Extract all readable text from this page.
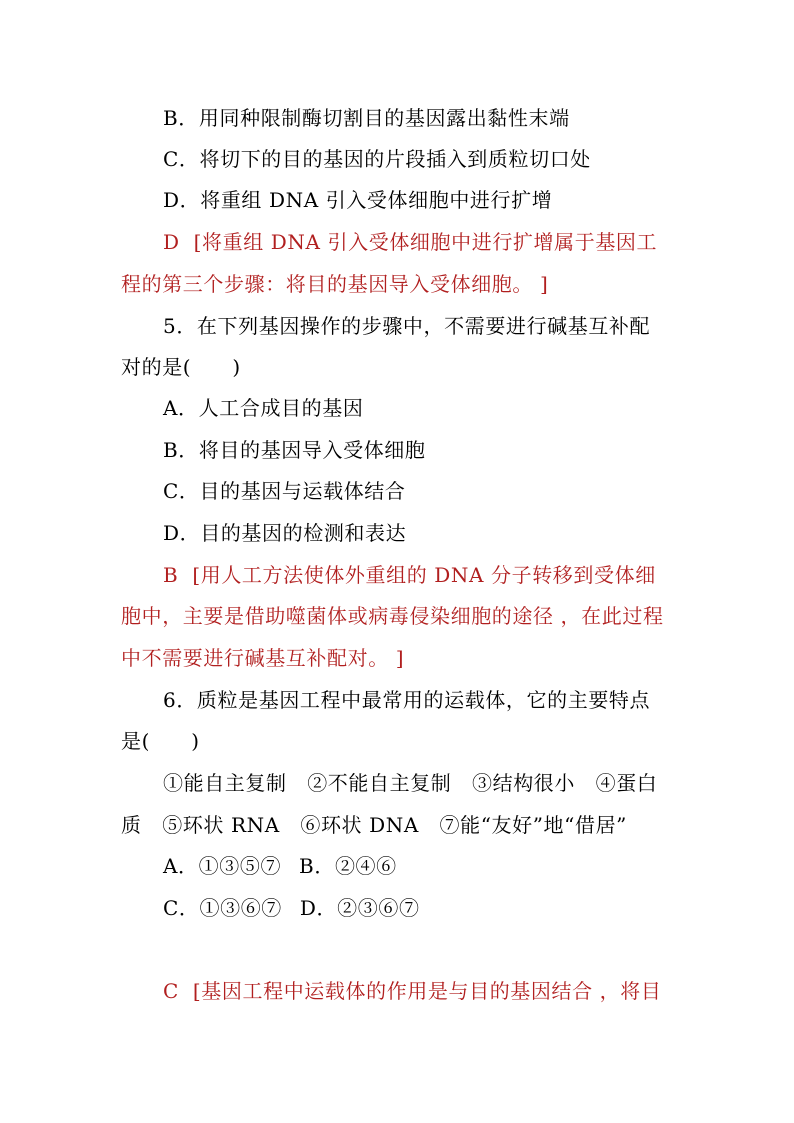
B．用同种限制酶切割目的基因露出黏性末端
C．将切下的目的基因的片段插入到质粒切口处
D．将重组 DNA 引入受体细胞中进行扩增
D [将重组 DNA 引入受体细胞中进行扩增属于基因工
程的第三个步骤：将目的基因导入受体细胞。 ]
5．在下列基因操作的步骤中，不需要进行碱基互补配
对的是(　　)
A．人工合成目的基因
B．将目的基因导入受体细胞
C．目的基因与运载体结合
D．目的基因的检测和表达
B [用人工方法使体外重组的 DNA 分子转移到受体细
胞中，主要是借助噬菌体或病毒侵染细胞的途径 ，在此过程
中不需要进行碱基互补配对。 ]
6．质粒是基因工程中最常用的运载体，它的主要特点
是(　　)
①能自主复制　②不能自主复制　③结构很小　④蛋白
质　⑤环状 RNA　⑥环状 DNA　⑦能“友好”地“借居”
A．①③⑤⑦ B．②④⑥
C．①③⑥⑦ D．②③⑥⑦
C [基因工程中运载体的作用是与目的基因结合 ，将目
